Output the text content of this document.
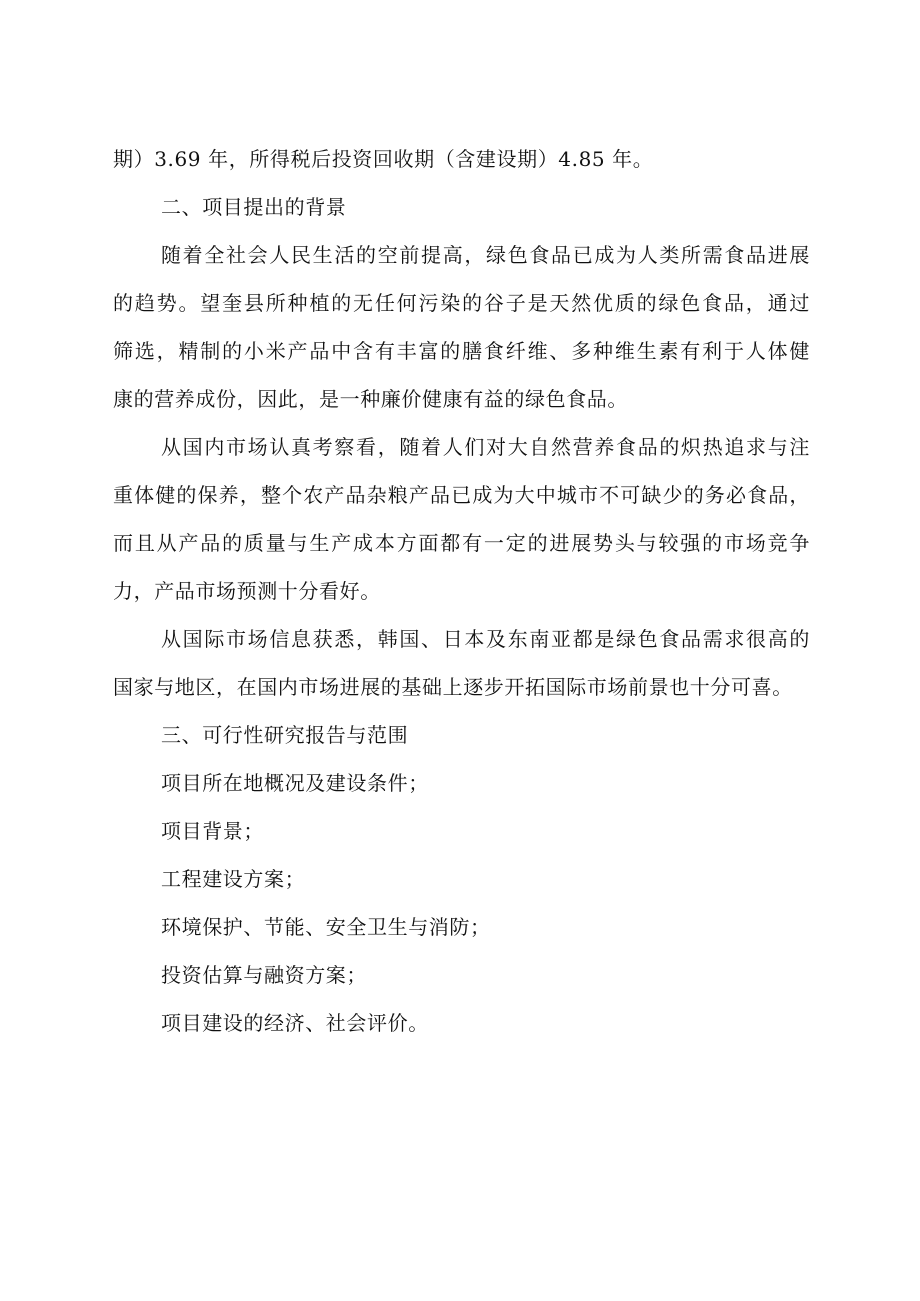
期）3.69 年，所得税后投资回收期（含建设期）4.85 年。
二、项目提出的背景
随着全社会人民生活的空前提高，绿色食品已成为人类所需食品进展
的趋势。望奎县所种植的无任何污染的谷子是天然优质的绿色食品，通过
筛选，精制的小米产品中含有丰富的膳食纤维、多种维生素有利于人体健
康的营养成份，因此，是一种廉价健康有益的绿色食品。
从国内市场认真考察看，随着人们对大自然营养食品的炽热追求与注
重体健的保养，整个农产品杂粮产品已成为大中城市不可缺少的务必食品，
而且从产品的质量与生产成本方面都有一定的进展势头与较强的市场竞争
力，产品市场预测十分看好。
从国际市场信息获悉，韩国、日本及东南亚都是绿色食品需求很高的
国家与地区，在国内市场进展的基础上逐步开拓国际市场前景也十分可喜。
三、可行性研究报告与范围
项目所在地概况及建设条件；
项目背景；
工程建设方案；
环境保护、节能、安全卫生与消防；
投资估算与融资方案；
项目建设的经济、社会评价。
